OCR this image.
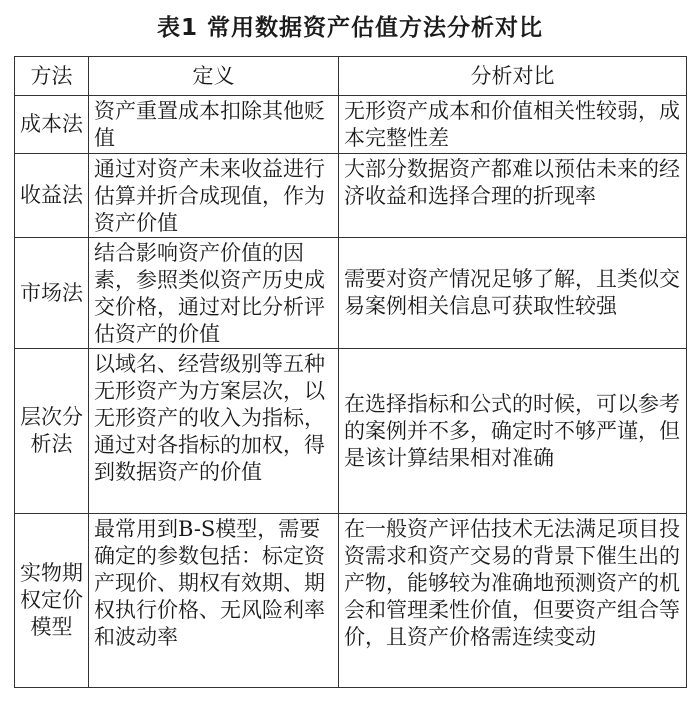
表1 常用数据资产估值方法分析对比
方法	定义	分析对比
成本法	资产重置成本扣除其他贬值	无形资产成本和价值相关性较弱，成本完整性差
收益法	通过对资产未来收益进行估算并折合成现值，作为资产价值	大部分数据资产都难以预估未来的经济收益和选择合理的折现率
市场法	结合影响资产价值的因素，参照类似资产历史成交价格，通过对比分析评估资产的价值	需要对资产情况足够了解，且类似交易案例相关信息可获取性较强
层次分析法	以域名、经营级别等五种无形资产为方案层次，以无形资产的收入为指标，通过对各指标的加权，得到数据资产的价值	在选择指标和公式的时候，可以参考的案例并不多，确定时不够严谨，但是该计算结果相对准确
实物期权定价模型	最常用到B-S模型，需要确定的参数包括：标定资产现价、期权有效期、期权执行价格、无风险利率和波动率	在一般资产评估技术无法满足项目投资需求和资产交易的背景下催生出的产物，能够较为准确地预测资产的机会和管理柔性价值，但要资产组合等价，且资产价格需连续变动
